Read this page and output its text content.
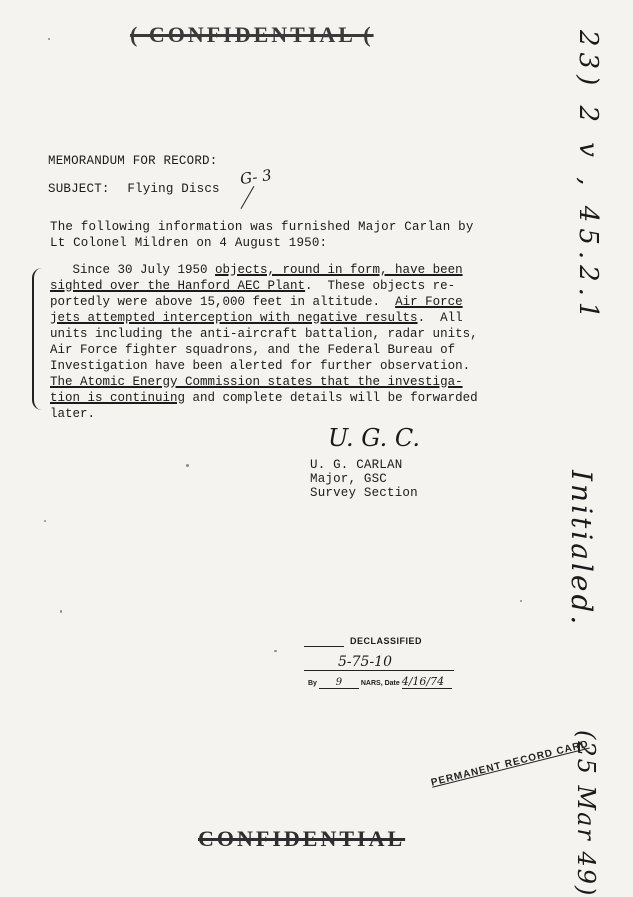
( CONFIDENTIAL (
MEMORANDUM FOR RECORD:
SUBJECT: Flying Discs
G- 3
The following information was furnished Major Carlan by
Lt Colonel Mildren on 4 August 1950:
Since 30 July 1950 objects, round in form, have been
sighted over the Hanford AEC Plant.  These objects re-
portedly were above 15,000 feet in altitude.  Air Force
jets attempted interception with negative results.  All
units including the anti-aircraft battalion, radar units,
Air Force fighter squadrons, and the Federal Bureau of
Investigation have been alerted for further observation.
The Atomic Energy Commission states that the investiga-
tion is continuing and complete details will be forwarded
later.
U. G. C.
U. G. CARLAN
Major, GSC
Survey Section
23) 2 v , 45.2.1
Initialed.
(25 Mar 49)
DECLASSIFIED
5-75-10
By 9	NARS, Date 4/16/74
PERMANENT RECORD CARD
CONFIDENTIAL
